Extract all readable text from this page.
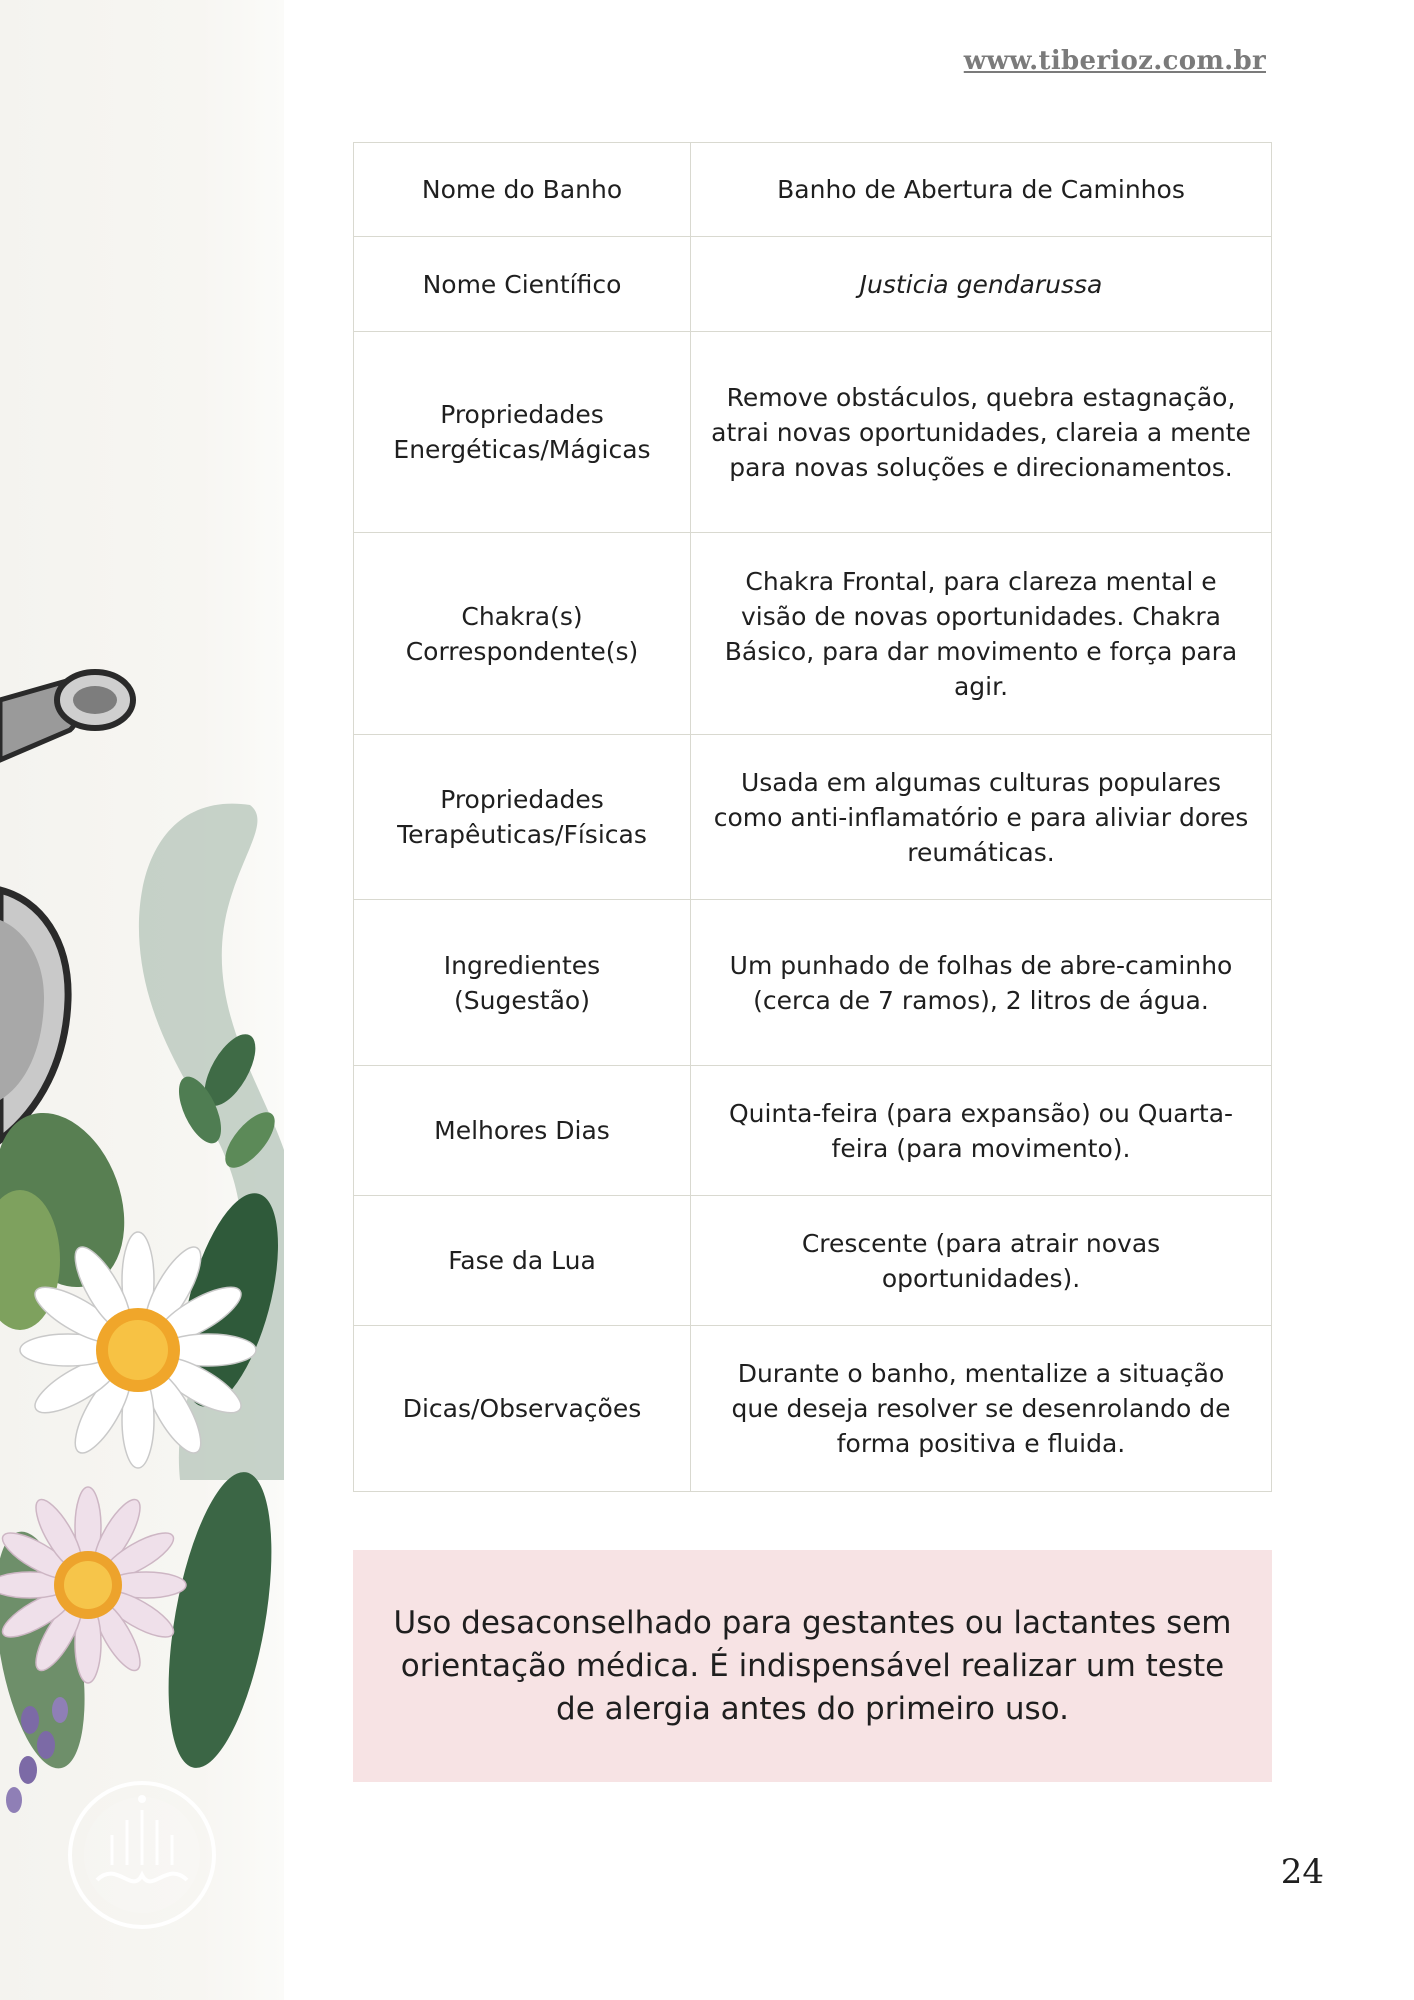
www.tiberioz.com.br
Nome do Banho	Banho de Abertura de Caminhos
Nome Científico	Justicia gendarussa
Propriedades Energéticas/Mágicas	Remove obstáculos, quebra estagnação, atrai novas oportunidades, clareia a mente para novas soluções e direcionamentos.
Chakra(s) Correspondente(s)	Chakra Frontal, para clareza mental e visão de novas oportunidades. Chakra Básico, para dar movimento e força para agir.
Propriedades Terapêuticas/Físicas	Usada em algumas culturas populares como anti-inflamatório e para aliviar dores reumáticas.
Ingredientes (Sugestão)	Um punhado de folhas de abre-caminho (cerca de 7 ramos), 2 litros de água.
Melhores Dias	Quinta-feira (para expansão) ou Quarta-feira (para movimento).
Fase da Lua	Crescente (para atrair novas oportunidades).
Dicas/Observações	Durante o banho, mentalize a situação que deseja resolver se desenrolando de forma positiva e fluida.
Uso desaconselhado para gestantes ou lactantes sem orientação médica. É indispensável realizar um teste de alergia antes do primeiro uso.
24
